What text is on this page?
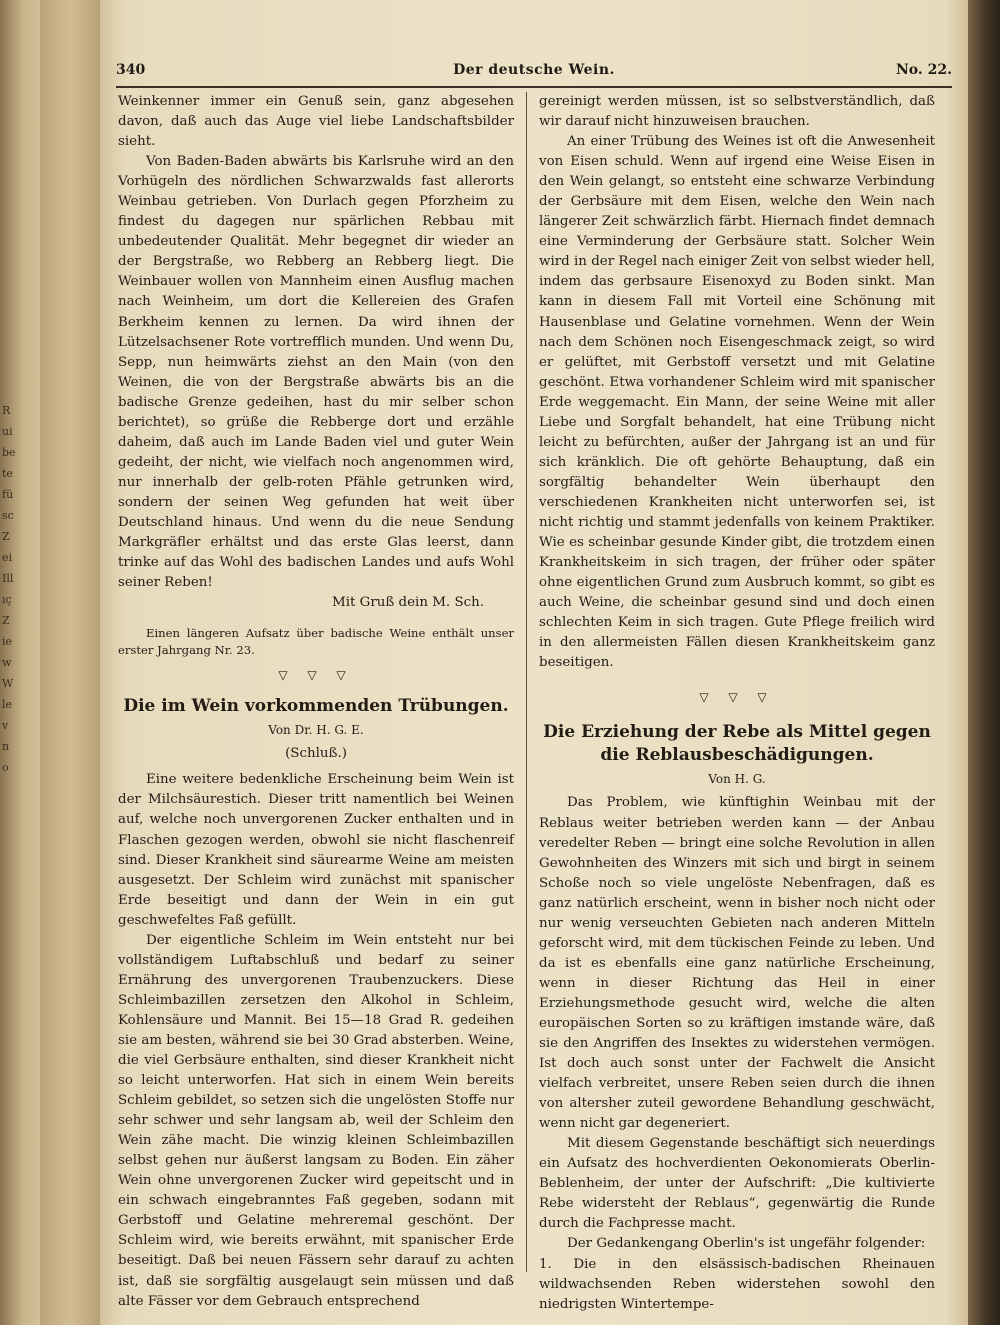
R ui be te fü sc Z ei Ill ıç Z ie w W le v n o
340	Der deutsche Wein.	No. 22.

Weinkenner immer ein Genuß sein, ganz abgesehen davon, daß auch das Auge viel liebe Landschaftsbilder sieht.

Von Baden-Baden abwärts bis Karlsruhe wird an den Vorhügeln des nördlichen Schwarzwalds fast allerorts Weinbau getrieben. Von Durlach gegen Pforzheim zu findest du dagegen nur spärlichen Rebbau mit unbedeutender Qualität. Mehr begegnet dir wieder an der Bergstraße, wo Rebberg an Rebberg liegt. Die Weinbauer wollen von Mannheim einen Ausflug machen nach Weinheim, um dort die Kellereien des Grafen Berkheim kennen zu lernen. Da wird ihnen der Lützelsachsener Rote vortrefflich munden. Und wenn Du, Sepp, nun heimwärts ziehst an den Main (von den Weinen, die von der Bergstraße abwärts bis an die badische Grenze gedeihen, hast du mir selber schon berichtet), so grüße die Rebberge dort und erzähle daheim, daß auch im Lande Baden viel und guter Wein gedeiht, der nicht, wie vielfach noch angenommen wird, nur innerhalb der gelb-roten Pfähle getrunken wird, sondern der seinen Weg gefunden hat weit über Deutschland hinaus. Und wenn du die neue Sendung Markgräfler erhältst und das erste Glas leerst, dann trinke auf das Wohl des badischen Landes und aufs Wohl seiner Reben!

Mit Gruß dein M. Sch.

Einen längeren Aufsatz über badische Weine enthält unser erster Jahrgang Nr. 23.

▽ ▽ ▽

Die im Wein vorkommenden Trübungen.

Von Dr. H. G. E.

(Schluß.)

Eine weitere bedenkliche Erscheinung beim Wein ist der Milchsäurestich. Dieser tritt namentlich bei Weinen auf, welche noch unvergorenen Zucker enthalten und in Flaschen gezogen werden, obwohl sie nicht flaschenreif sind. Dieser Krankheit sind säurearme Weine am meisten ausgesetzt. Der Schleim wird zunächst mit spanischer Erde beseitigt und dann der Wein in ein gut geschwefeltes Faß gefüllt.

Der eigentliche Schleim im Wein entsteht nur bei vollständigem Luftabschluß und bedarf zu seiner Ernährung des unvergorenen Traubenzuckers. Diese Schleimbazillen zersetzen den Alkohol in Schleim, Kohlensäure und Mannit. Bei 15—18 Grad R. gedeihen sie am besten, während sie bei 30 Grad absterben. Weine, die viel Gerbsäure enthalten, sind dieser Krankheit nicht so leicht unterworfen. Hat sich in einem Wein bereits Schleim gebildet, so setzen sich die ungelösten Stoffe nur sehr schwer und sehr langsam ab, weil der Schleim den Wein zähe macht. Die winzig kleinen Schleimbazillen selbst gehen nur äußerst langsam zu Boden. Ein zäher Wein ohne unvergorenen Zucker wird gepeitscht und in ein schwach eingebranntes Faß gegeben, sodann mit Gerbstoff und Gelatine mehreremal geschönt. Der Schleim wird, wie bereits erwähnt, mit spanischer Erde beseitigt. Daß bei neuen Fässern sehr darauf zu achten ist, daß sie sorgfältig ausgelaugt sein müssen und daß alte Fässer vor dem Gebrauch entsprechend

gereinigt werden müssen, ist so selbstverständlich, daß wir darauf nicht hinzuweisen brauchen.

An einer Trübung des Weines ist oft die Anwesenheit von Eisen schuld. Wenn auf irgend eine Weise Eisen in den Wein gelangt, so entsteht eine schwarze Verbindung der Gerbsäure mit dem Eisen, welche den Wein nach längerer Zeit schwärzlich färbt. Hiernach findet demnach eine Verminderung der Gerbsäure statt. Solcher Wein wird in der Regel nach einiger Zeit von selbst wieder hell, indem das gerbsaure Eisenoxyd zu Boden sinkt. Man kann in diesem Fall mit Vorteil eine Schönung mit Hausenblase und Gelatine vornehmen. Wenn der Wein nach dem Schönen noch Eisengeschmack zeigt, so wird er gelüftet, mit Gerbstoff versetzt und mit Gelatine geschönt. Etwa vorhandener Schleim wird mit spanischer Erde weggemacht. Ein Mann, der seine Weine mit aller Liebe und Sorgfalt behandelt, hat eine Trübung nicht leicht zu befürchten, außer der Jahrgang ist an und für sich kränklich. Die oft gehörte Behauptung, daß ein sorgfältig behandelter Wein überhaupt den verschiedenen Krankheiten nicht unterworfen sei, ist nicht richtig und stammt jedenfalls von keinem Praktiker. Wie es scheinbar gesunde Kinder gibt, die trotzdem einen Krankheitskeim in sich tragen, der früher oder später ohne eigentlichen Grund zum Ausbruch kommt, so gibt es auch Weine, die scheinbar gesund sind und doch einen schlechten Keim in sich tragen. Gute Pflege freilich wird in den allermeisten Fällen diesen Krankheitskeim ganz beseitigen.

▽ ▽ ▽

Die Erziehung der Rebe als Mittel gegen die Reblausbeschädigungen.

Von H. G.

Das Problem, wie künftighin Weinbau mit der Reblaus weiter betrieben werden kann — der Anbau veredelter Reben — bringt eine solche Revolution in allen Gewohnheiten des Winzers mit sich und birgt in seinem Schoße noch so viele ungelöste Nebenfragen, daß es ganz natürlich erscheint, wenn in bisher noch nicht oder nur wenig verseuchten Gebieten nach anderen Mitteln geforscht wird, mit dem tückischen Feinde zu leben. Und da ist es ebenfalls eine ganz natürliche Erscheinung, wenn in dieser Richtung das Heil in einer Erziehungsmethode gesucht wird, welche die alten europäischen Sorten so zu kräftigen imstande wäre, daß sie den Angriffen des Insektes zu widerstehen vermögen. Ist doch auch sonst unter der Fachwelt die Ansicht vielfach verbreitet, unsere Reben seien durch die ihnen von altersher zuteil gewordene Behandlung geschwächt, wenn nicht gar degeneriert.

Mit diesem Gegenstande beschäftigt sich neuerdings ein Aufsatz des hochverdienten Oekonomierats Oberlin-Beblenheim, der unter der Aufschrift: „Die kultivierte Rebe widersteht der Reblaus“, gegenwärtig die Runde durch die Fachpresse macht.

Der Gedankengang Oberlin's ist ungefähr folgender:

1. Die in den elsässisch-badischen Rheinauen wildwachsenden Reben widerstehen sowohl den niedrigsten Wintertempe-
